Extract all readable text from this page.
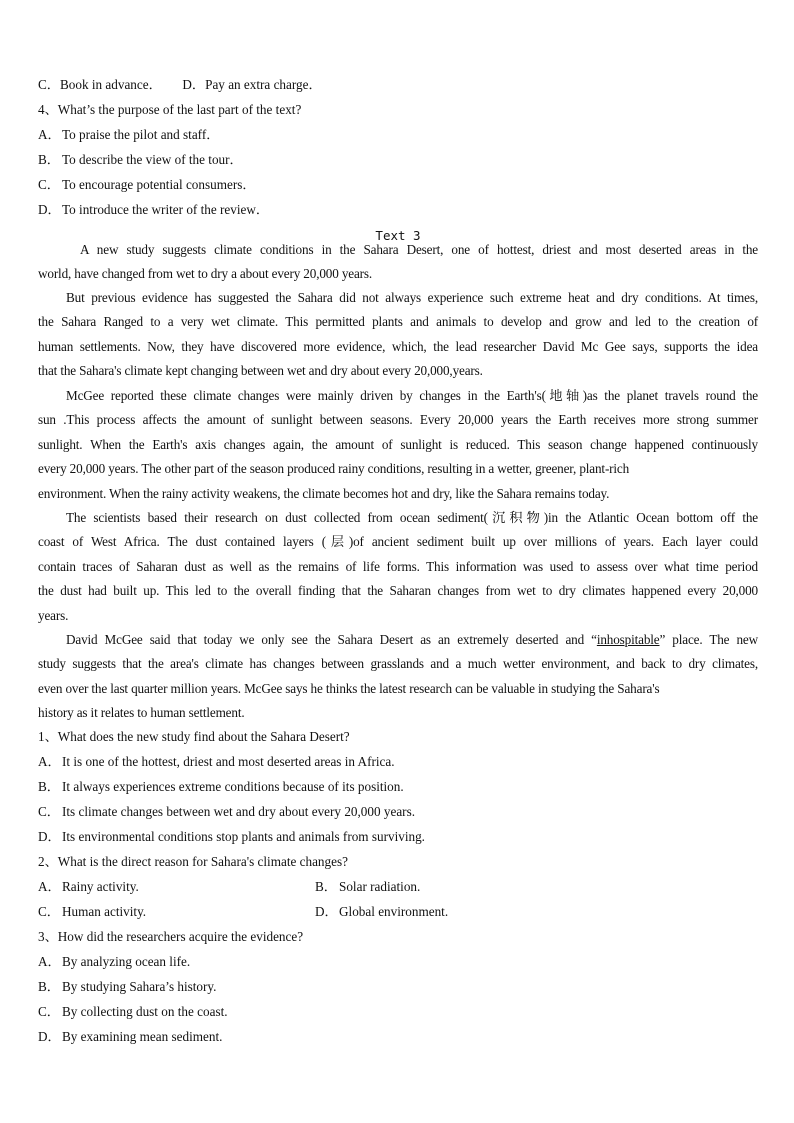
C．Book in advance． D．Pay an extra charge．
4、What’s the purpose of the last part of the text?
A．To praise the pilot and staff．
B． To describe the view of the tour．
C． To encourage potential consumers．
D．To introduce the writer of the review．
Text 3
A new study suggests climate conditions in the Sahara Desert, one of hottest, driest and most deserted areas in the
world, have changed from wet to dry a about every 20,000 years.
But previous evidence has suggested the Sahara did not always experience such extreme heat and dry conditions. At times,
the Sahara Ranged to a very wet climate. This permitted plants and animals to develop and grow and led to the creation of
human settlements. Now, they have discovered more evidence, which, the lead researcher David Mc Gee says, supports the idea
that the Sahara's climate kept changing between wet and dry about every 20,000,years.
McGee reported these climate changes were mainly driven by changes in the Earth's(地轴)as the planet travels round the
sun .This process affects the amount of sunlight between seasons. Every 20,000 years the Earth receives more strong summer
sunlight. When the Earth's axis changes again, the amount of sunlight is reduced. This season change happened continuously
every 20,000 years. The other part of the season produced rainy conditions, resulting in a wetter, greener, plant-rich
environment. When the rainy activity weakens, the climate becomes hot and dry, like the Sahara remains today.
The scientists based their research on dust collected from ocean sediment(沉积物)in the Atlantic Ocean bottom off the
coast of West Africa. The dust contained layers (层)of ancient sediment built up over millions of years. Each layer could
contain traces of Saharan dust as well as the remains of life forms. This information was used to assess over what time period
the dust had built up. This led to the overall finding that the Saharan changes from wet to dry climates happened every 20,000
years.
David McGee said that today we only see the Sahara Desert as an extremely deserted and “inhospitable” place. The new
study suggests that the area's climate has changes between grasslands and a much wetter environment, and back to dry climates,
even over the last quarter million years. McGee says he thinks the latest research can be valuable in studying the Sahara's
history as it relates to human settlement.
1、What does the new study find about the Sahara Desert?
A．It is one of the hottest, driest and most deserted areas in Africa.
B． It always experiences extreme conditions because of its position.
C． Its climate changes between wet and dry about every 20,000 years.
D．Its environmental conditions stop plants and animals from surviving.
2、What is the direct reason for Sahara's climate changes?
A．Rainy activity.	B． Solar radiation.
C． Human activity.	D．Global environment.
3、How did the researchers acquire the evidence?
A．By analyzing ocean life.
B． By studying Sahara’s history.
C． By collecting dust on the coast.
D．By examining mean sediment.
